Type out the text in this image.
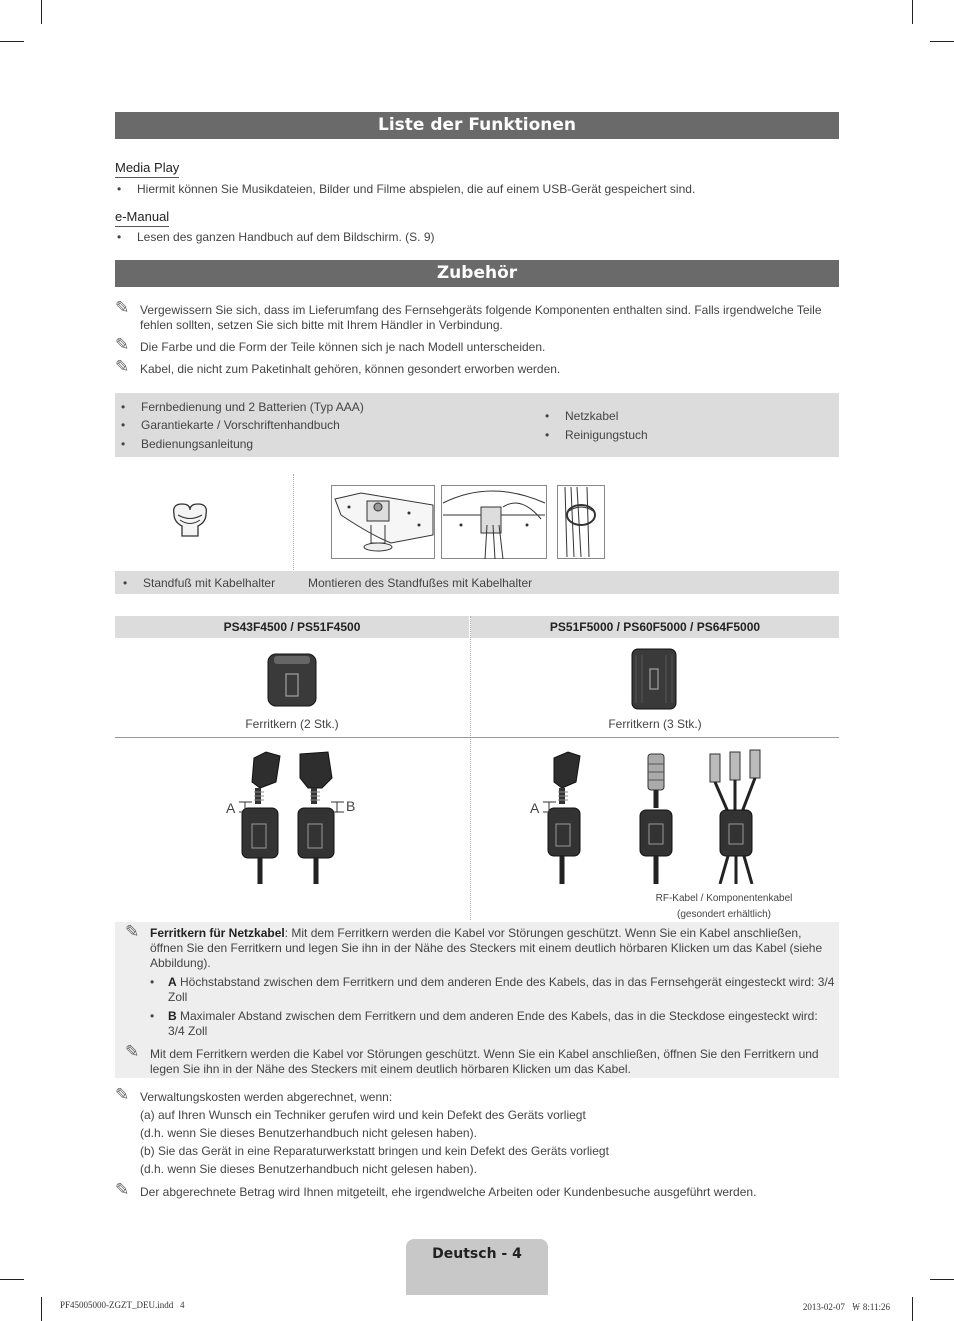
Liste der Funktionen
Media Play
• Hiermit können Sie Musikdateien, Bilder und Filme abspielen, die auf einem USB-Gerät gespeichert sind.
e-Manual
• Lesen des ganzen Handbuch auf dem Bildschirm. (S. 9)
Zubehör
✎ Vergewissern Sie sich, dass im Lieferumfang des Fernsehgeräts folgende Komponenten enthalten sind. Falls irgendwelche Teile
fehlen sollten, setzen Sie sich bitte mit Ihrem Händler in Verbindung.
✎ Die Farbe und die Form der Teile können sich je nach Modell unterscheiden.
✎ Kabel, die nicht zum Paketinhalt gehören, können gesondert erworben werden.
• Fernbedienung und 2 Batterien (Typ AAA)
• Garantiekarte / Vorschriftenhandbuch
• Bedienungsanleitung
• Netzkabel
• Reinigungstuch
• Standfuß mit Kabelhalter	Montieren des Standfußes mit Kabelhalter
PS43F4500 / PS51F4500	PS51F5000 / PS60F5000 / PS64F5000
Ferritkern (2 Stk.)	Ferritkern (3 Stk.)
A	B	A
RF-Kabel / Komponentenkabel
(gesondert erhältlich)
✎ Ferritkern für Netzkabel: Mit dem Ferritkern werden die Kabel vor Störungen geschützt. Wenn Sie ein Kabel anschließen,
öffnen Sie den Ferritkern und legen Sie ihn in der Nähe des Steckers mit einem deutlich hörbaren Klicken um das Kabel (siehe
Abbildung).
• A Höchstabstand zwischen dem Ferritkern und dem anderen Ende des Kabels, das in das Fernsehgerät eingesteckt wird: 3/4
Zoll
• B Maximaler Abstand zwischen dem Ferritkern und dem anderen Ende des Kabels, das in die Steckdose eingesteckt wird:
3/4 Zoll
✎ Mit dem Ferritkern werden die Kabel vor Störungen geschützt. Wenn Sie ein Kabel anschließen, öffnen Sie den Ferritkern und
legen Sie ihn in der Nähe des Steckers mit einem deutlich hörbaren Klicken um das Kabel.
✎ Verwaltungskosten werden abgerechnet, wenn:
(a) auf Ihren Wunsch ein Techniker gerufen wird und kein Defekt des Geräts vorliegt
(d.h. wenn Sie dieses Benutzerhandbuch nicht gelesen haben).
(b) Sie das Gerät in eine Reparaturwerkstatt bringen und kein Defekt des Geräts vorliegt
(d.h. wenn Sie dieses Benutzerhandbuch nicht gelesen haben).
✎ Der abgerechnete Betrag wird Ihnen mitgeteilt, ehe irgendwelche Arbeiten oder Kundenbesuche ausgeführt werden.
Deutsch - 4
PF45005000-ZGZT_DEU.indd   4	2013-02-07   ￦ 8:11:26
